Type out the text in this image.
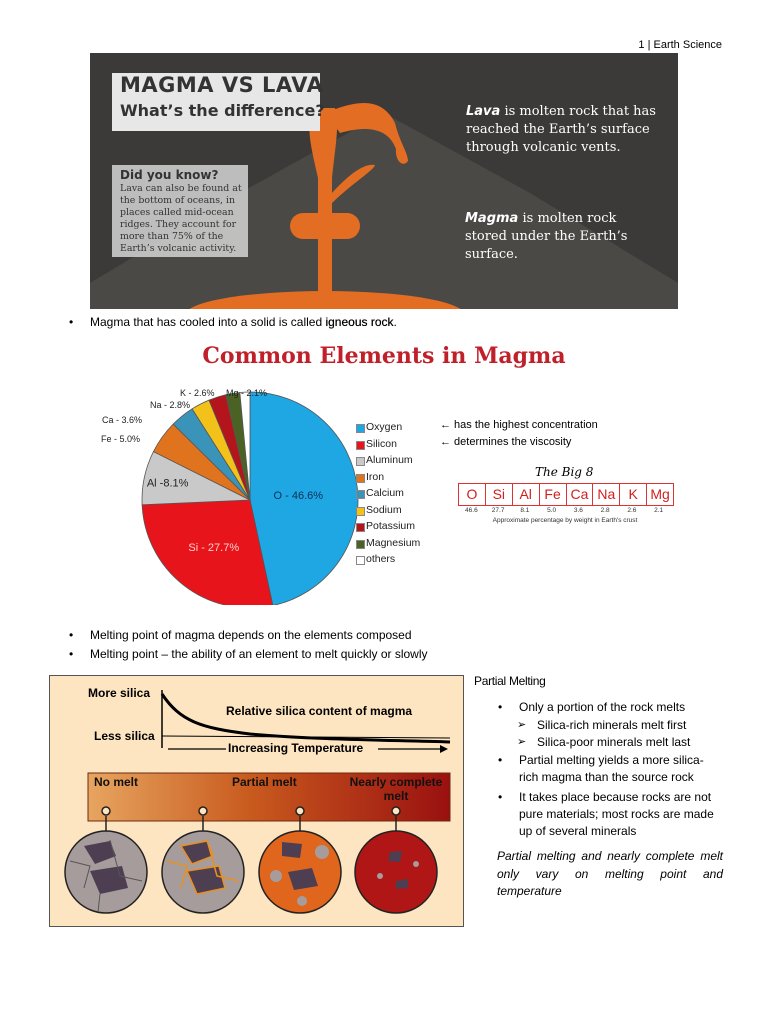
1 | Earth Science
MAGMA VS LAVA
What’s the difference?
Did you know?
Lava can also be found at the bottom of oceans, in places called mid-ocean ridges. They account for more than 75% of the Earth’s volcanic activity.
Lava is molten rock that has reached the Earth’s surface through volcanic vents.
Magma is molten rock stored under the Earth’s surface.
• Magma that has cooled into a solid is called igneous rock.
Common Elements in Magma
O - 46.6%
Si - 27.7%
Al -8.1%
Fe - 5.0%
Ca - 3.6%
Na - 2.8%
K - 2.6% Mg - 2.1%
Oxygen
Silicon
Aluminum
Iron
Calcium
Sodium
Potassium
Magnesium
others
← has the highest concentration
← determines the viscosity
The Big 8
O	Si	Al Fe Ca Na K Mg
46.6	27.7	8.1	5.0	3.6	2.8	2.6	2.1
Approximate percentage by weight in Earth's crust
• Melting point of magma depends on the elements composed
• Melting point – the ability of an element to melt quickly or slowly
More silica
Less silica
Relative silica content of magma
Increasing Temperature
No melt	Partial melt	Nearly complete
melt
Partial Melting
• Only a portion of the rock melts
➢ Silica-rich minerals melt first
➢ Silica-poor minerals melt last
• Partial melting yields a more silica-
rich magma than the source rock
• It takes place because rocks are not
pure materials; most rocks are made
up of several minerals
Partial melting and nearly complete melt
only vary on melting point and
temperature
